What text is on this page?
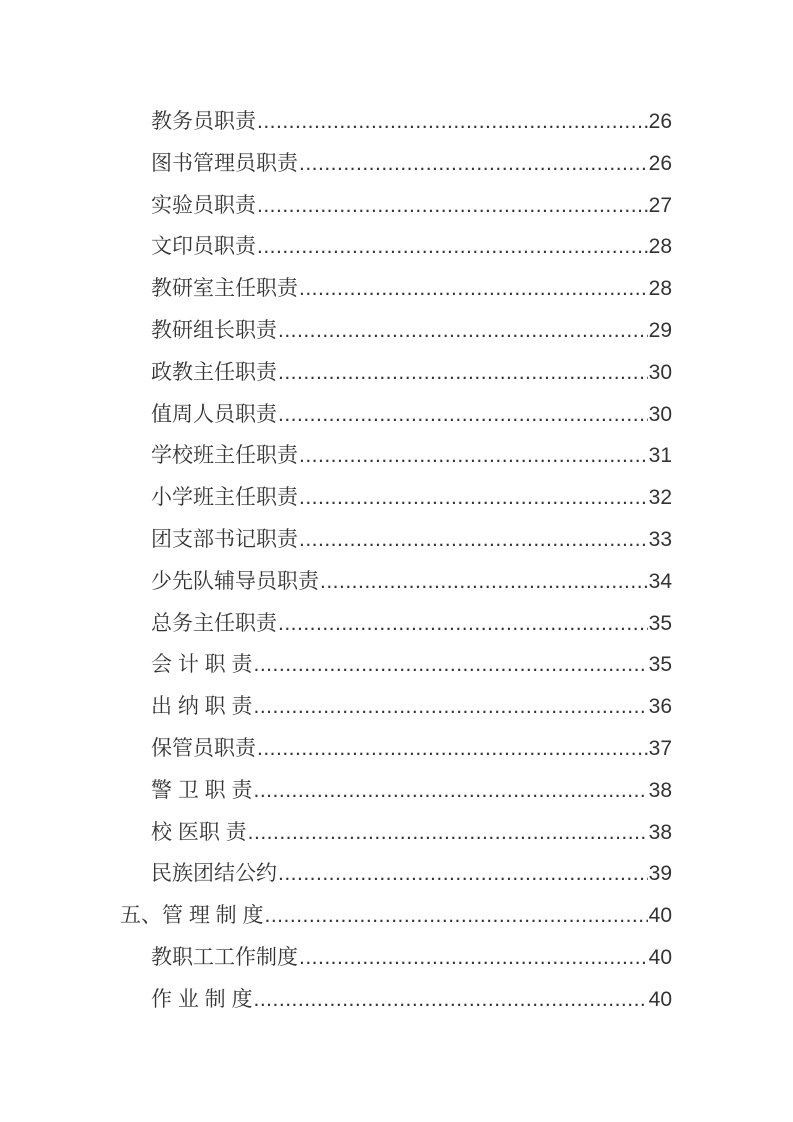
教务员职责 .....	26
图书管理员职责 .....	26
实验员职责 .....	27
文印员职责 .....	28
教研室主任职责 .....	28
教研组长职责 .....	29
政教主任职责 .....	30
值周人员职责 .....	30
学校班主任职责 .....	31
小学班主任职责 .....	32
团支部书记职责 .....	33
少先队辅导员职责 .....	34
总务主任职责 .....	35
会 计 职 责 .....	35
出 纳 职 责 .....	36
保管员职责 .....	37
警 卫 职 责 .....	38
校 医职 责 .....	38
民族团结公约 .....	39
五、管 理 制 度 .....	40
教职工工作制度 .....	40
作 业 制 度 .....	40
